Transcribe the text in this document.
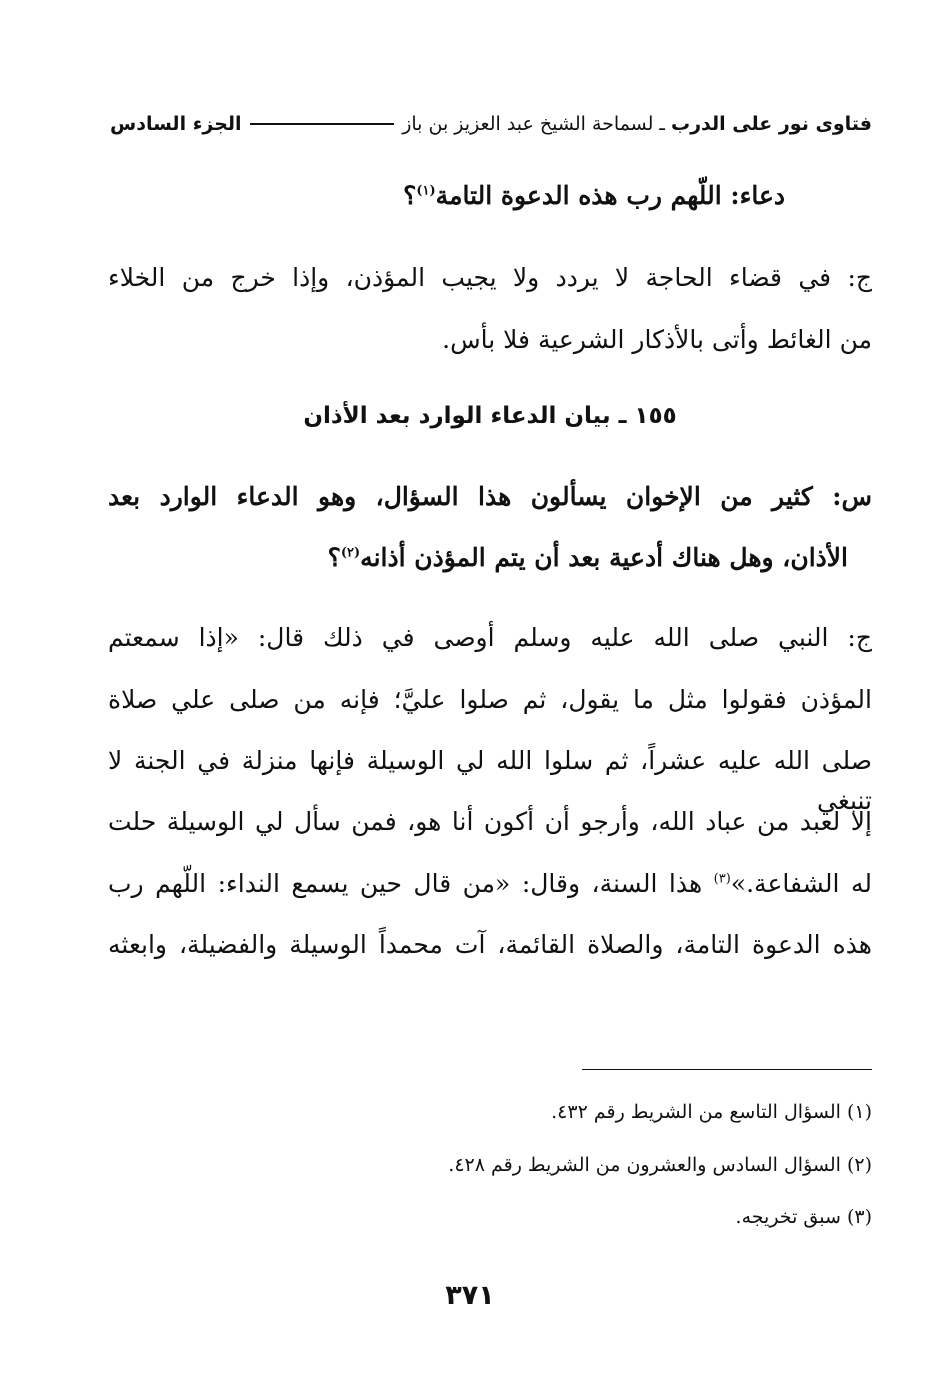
فتاوى نور على الدرب
ـ
لسماحة الشيخ عبد العزيز بن باز
الجزء السادس
دعاء: اللّهم رب هذه الدعوة التامة$^{(١)}$؟
ج: في قضاء الحاجة لا يردد ولا يجيب المؤذن، وإذا خرج من الخلاء
من الغائط وأتى بالأذكار الشرعية فلا بأس.
١٥٥ ـ بيان الدعاء الوارد بعد الأذان
س: كثير من الإخوان يسألون هذا السؤال، وهو الدعاء الوارد بعد
الأذان، وهل هناك أدعية بعد أن يتم المؤذن أذانه$^{(٢)}$؟
ج: النبي صلى الله عليه وسلم أوصى في ذلك قال: «إذا سمعتم
المؤذن فقولوا مثل ما يقول، ثم صلوا عليَّ؛ فإنه من صلى علي صلاة
صلى الله عليه عشراً، ثم سلوا الله لي الوسيلة فإنها منزلة في الجنة لا تنبغي
إلا لعبد من عباد الله، وأرجو أن أكون أنا هو، فمن سأل لي الوسيلة حلت
له الشفاعة.»$^{(٣)}$ هذا السنة، وقال: «من قال حين يسمع النداء: اللّهم رب
هذه الدعوة التامة، والصلاة القائمة، آت محمداً الوسيلة والفضيلة، وابعثه
(١) السؤال التاسع من الشريط رقم ٤٣٢.
(٢) السؤال السادس والعشرون من الشريط رقم ٤٢٨.
(٣) سبق تخريجه.
٣٧١
